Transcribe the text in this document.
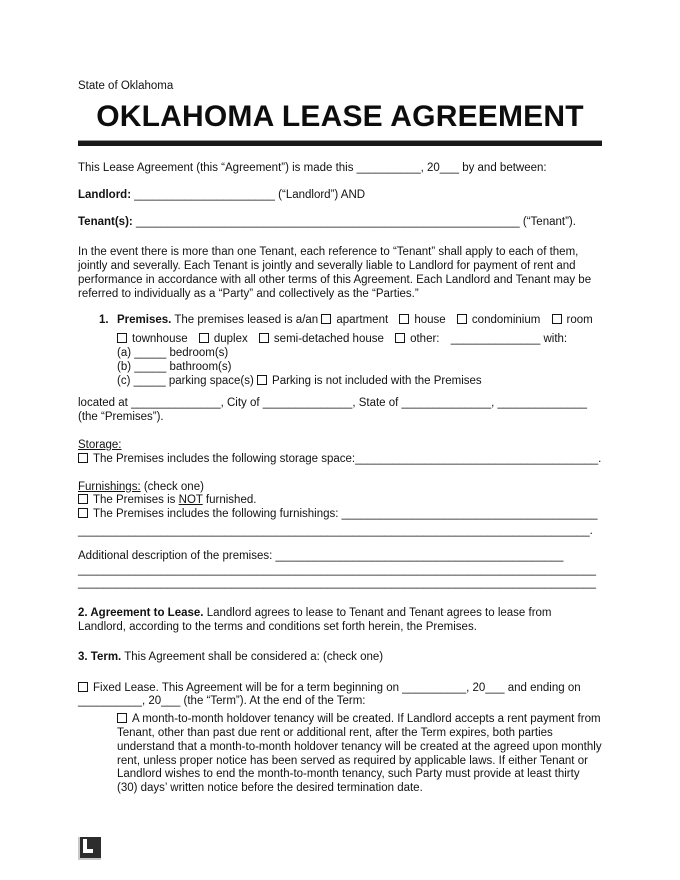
State of Oklahoma

OKLAHOMA LEASE AGREEMENT

This Lease Agreement (this “Agreement”) is made this __________, 20___ by and between:

Landlord: ______________________ (“Landlord”) AND

Tenant(s): ____________________________________________________________ (“Tenant”).

In the event there is more than one Tenant, each reference to “Tenant” shall apply to each of them, jointly and severally. Each Tenant is jointly and severally liable to Landlord for payment of rent and performance in accordance with all other terms of this Agreement. Each Landlord and Tenant may be referred to individually as a “Party” and collectively as the “Parties.”

1. Premises. The premises leased is a/an apartment house condominium room
townhouse duplex semi-detached house other: ______________ with:
(a) _____ bedroom(s)
(b) _____ bathroom(s)
(c) _____ parking space(s) Parking is not included with the Premises
located at ______________, City of ______________, State of ______________, ______________
(the “Premises”).
Storage:
The Premises includes the following storage space:______________________________________.
Furnishings: (check one)
The Premises is NOT furnished.
The Premises includes the following furnishings: ________________________________________
________________________________________________________________________________.
Additional description of the premises: _____________________________________________
_________________________________________________________________________________
_________________________________________________________________________________

2. Agreement to Lease. Landlord agrees to lease to Tenant and Tenant agrees to lease from Landlord, according to the terms and conditions set forth herein, the Premises.

3. Term. This Agreement shall be considered a: (check one)

Fixed Lease. This Agreement will be for a term beginning on __________, 20___ and ending on
__________, 20___ (the “Term”). At the end of the Term:
A month-to-month holdover tenancy will be created. If Landlord accepts a rent payment from Tenant, other than past due rent or additional rent, after the Term expires, both parties understand that a month-to-month holdover tenancy will be created at the agreed upon monthly rent, unless proper notice has been served as required by applicable laws. If either Tenant or Landlord wishes to end the month-to-month tenancy, such Party must provide at least thirty (30) days’ written notice before the desired termination date.
